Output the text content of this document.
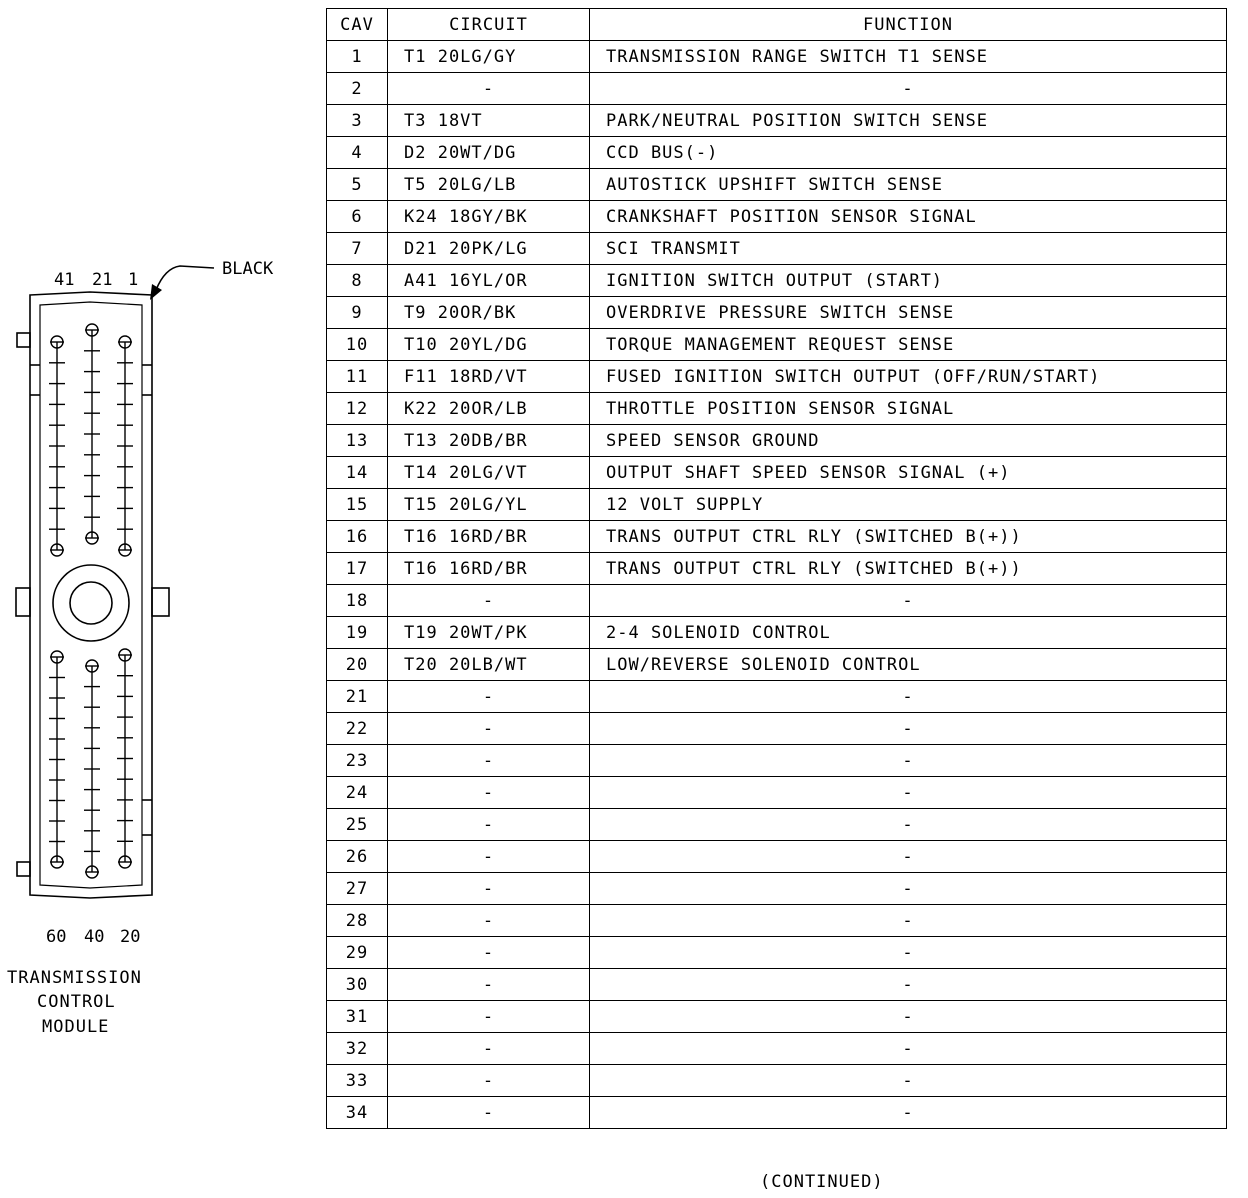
41 21 1
BLACK
60 40 20
TRANSMISSION
CONTROL
MODULE
CAV	CIRCUIT	FUNCTION
1	T1 20LG/GY	TRANSMISSION RANGE SWITCH T1 SENSE
2	-	-
3	T3 18VT	PARK/NEUTRAL POSITION SWITCH SENSE
4	D2 20WT/DG	CCD BUS(-)
5	T5 20LG/LB	AUTOSTICK UPSHIFT SWITCH SENSE
6	K24 18GY/BK	CRANKSHAFT POSITION SENSOR SIGNAL
7	D21 20PK/LG	SCI TRANSMIT
8	A41 16YL/OR	IGNITION SWITCH OUTPUT (START)
9	T9 20OR/BK	OVERDRIVE PRESSURE SWITCH SENSE
10	T10 20YL/DG	TORQUE MANAGEMENT REQUEST SENSE
11	F11 18RD/VT	FUSED IGNITION SWITCH OUTPUT (OFF/RUN/START)
12	K22 20OR/LB	THROTTLE POSITION SENSOR SIGNAL
13	T13 20DB/BR	SPEED SENSOR GROUND
14	T14 20LG/VT	OUTPUT SHAFT SPEED SENSOR SIGNAL (+)
15	T15 20LG/YL	12 VOLT SUPPLY
16	T16 16RD/BR	TRANS OUTPUT CTRL RLY (SWITCHED B(+))
17	T16 16RD/BR	TRANS OUTPUT CTRL RLY (SWITCHED B(+))
18	-	-
19	T19 20WT/PK	2-4 SOLENOID CONTROL
20	T20 20LB/WT	LOW/REVERSE SOLENOID CONTROL
21	-	-
22	-	-
23	-	-
24	-	-
25	-	-
26	-	-
27	-	-
28	-	-
29	-	-
30	-	-
31	-	-
32	-	-
33	-	-
34	-	-
(CONTINUED)
